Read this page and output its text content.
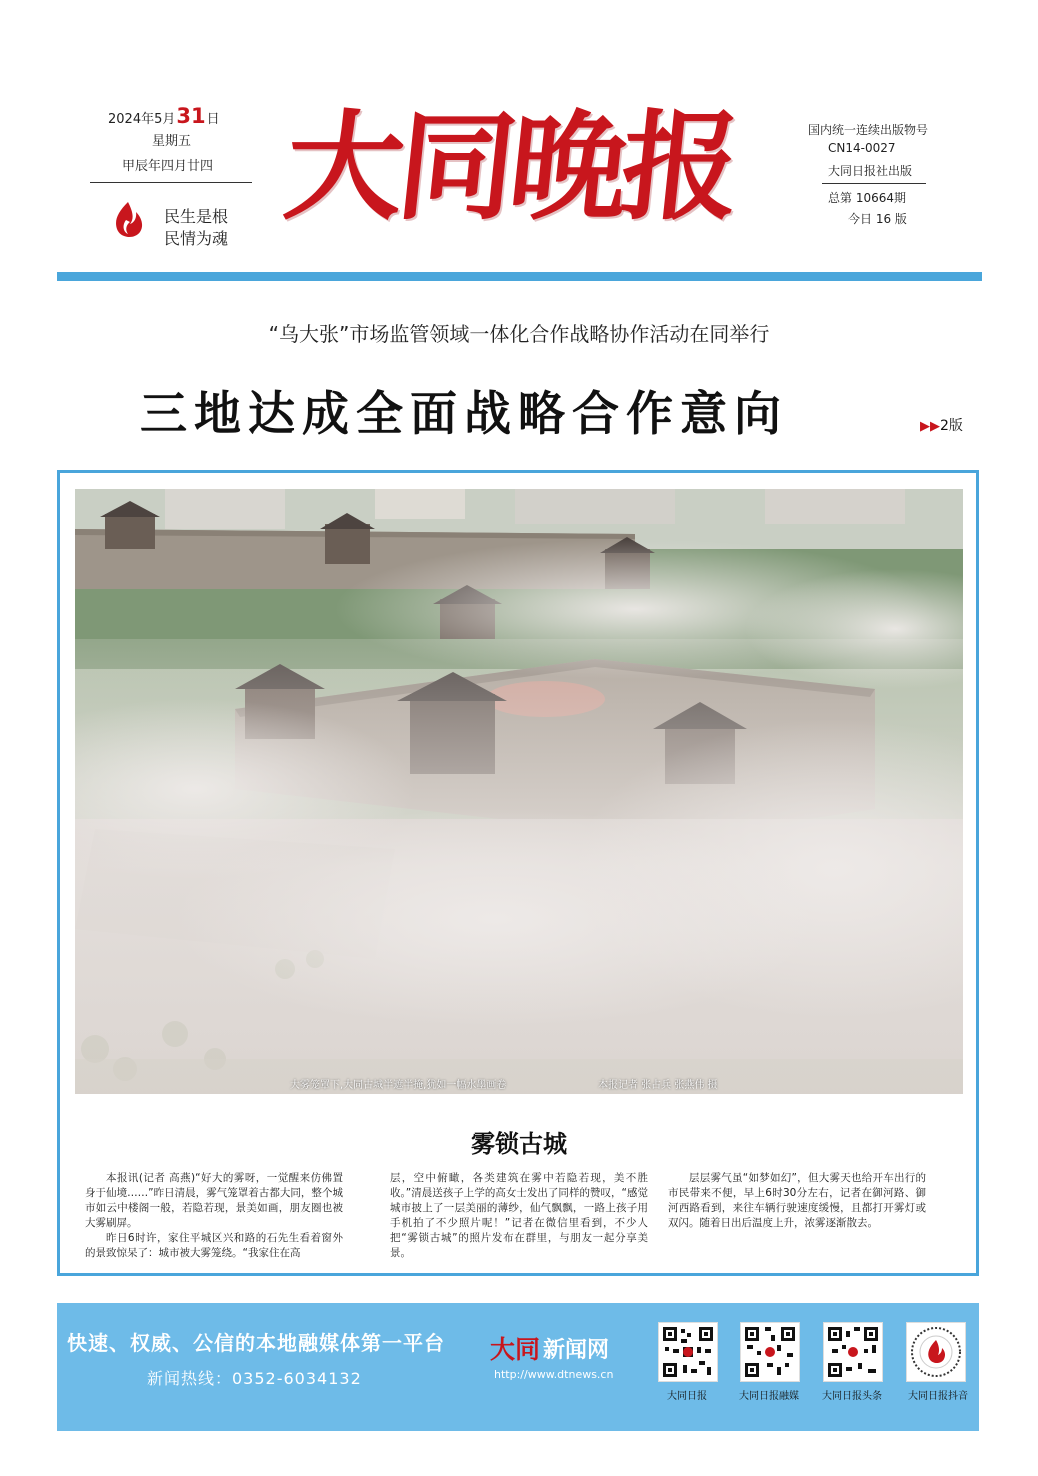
2024年5月31日
星期五
甲辰年四月廿四
民生是根
民情为魂
大同晚报	国内统一连续出版物号
CN14-0027
大同日报社出版
总第 10664期
今日 16 版
“乌大张”市场监管领域一体化合作战略协作活动在同举行
三地达成全面战略合作意向	▶▶2版
大雾笼罩下,大同古城半遮半掩,犹如一幅水墨画卷	本报记者 张占兵 张燕伟 摄
雾锁古城

本报讯(记者 高燕)“好大的雾呀，一觉醒来仿佛置身于仙境……”昨日清晨，雾气笼罩着古都大同，整个城市如云中楼阁一般，若隐若现，景美如画，朋友圈也被大雾刷屏。

昨日6时许，家住平城区兴和路的石先生看着窗外的景致惊呆了：城市被大雾笼绕。“我家住在高

层，空中俯瞰，各类建筑在雾中若隐若现，美不胜收。”清晨送孩子上学的高女士发出了同样的赞叹，“感觉城市披上了一层美丽的薄纱，仙气飘飘，一路上孩子用手机拍了不少照片呢！”记者在微信里看到，不少人把“雾锁古城”的照片发布在群里，与朋友一起分享美景。

层层雾气虽“如梦如幻”，但大雾天也给开车出行的市民带来不便，早上6时30分左右，记者在御河路、御河西路看到，来往车辆行驶速度缓慢，且都打开雾灯或双闪。随着日出后温度上升，浓雾逐渐散去。

快速、权威、公信的本地融媒体第一平台
新闻热线：0352-6034132
大同 新闻网
http://www.dtnews.cn
大同日报	大同日报融媒	大同日报头条	大同日报抖音
